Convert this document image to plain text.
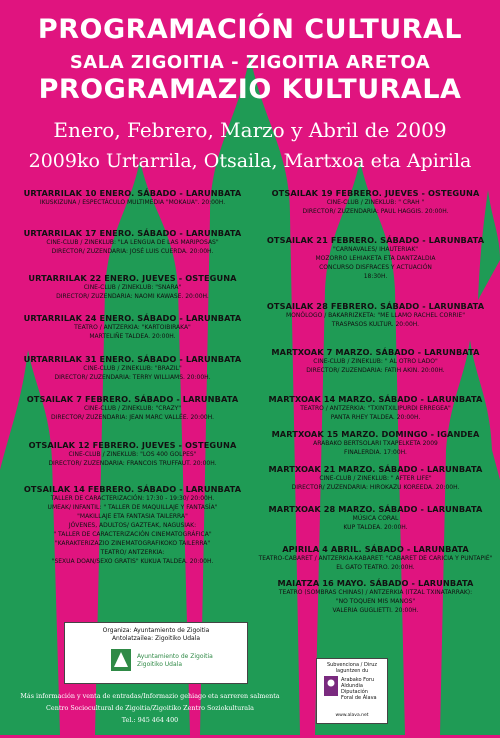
PROGRAMACIÓN CULTURAL
SALA ZIGOITIA - ZIGOITIA ARETOA
PROGRAMAZIO KULTURALA
Enero, Febrero, Marzo y Abril de 2009
2009ko Urtarrila, Otsaila, Martxoa eta Apirila
URTARRILAK 10 ENERO. SÁBADO - LARUNBATA
IKUSKIZUNA / ESPECTÁCULO MULTIMEDIA "MOKAUA". 20:00H.
URTARRILAK 17 ENERO. SÁBADO - LARUNBATA
CINE-CLUB / ZINEKLUB: "LA LENGUA DE LAS MARIPOSAS"
DIRECTOR/ ZUZENDARIA: JOSÉ LUIS CUERDA. 20:00H.
URTARRILAK 22 ENERO. JUEVES - OSTEGUNA
CINE-CLUB / ZINEKLUB: "SNARA"
DIRECTOR/ ZUZENDARIA: NAOMI KAWASE. 20:00H.
URTARRILAK 24 ENERO. SÁBADO - LARUNBATA
TEATRO / ANTZERKIA: "KARTOIBIRAKA"
MARTELIÑE TALDEA. 20:00H.
URTARRILAK 31 ENERO. SÁBADO - LARUNBATA
CINE-CLUB / ZINEKLUB: "BRAZIL"
DIRECTOR/ ZUZENDARIA: TERRY WILLIAMS. 20:00H.
OTSAILAK 7 FEBRERO. SÁBADO - LARUNBATA
CINE-CLUB / ZINEKLUB: "CRAZY"
DIRECTOR/ ZUZENDARIA: JEAN MARC VALLÉE. 20:00H.
OTSAILAK 12 FEBRERO. JUEVES - OSTEGUNA
CINE-CLUB / ZINEKLUB: "LOS 400 GOLPES"
DIRECTOR/ ZUZENDARIA: FRANCOIS TRUFFAUT. 20:00H.
OTSAILAK 14 FEBRERO. SÁBADO - LARUNBATA
TALLER DE CARACTERIZACIÓN: 17:30 - 19:30/ 20:00H.
UMEAK/ INFANTIL: " TALLER DE MAQUILLAJE Y FANTASÍA"
"MAKILLAJE ETA FANTASIA TAILERRA"
JÓVENES, ADULTOS/ GAZTEAK, NAGUSIAK:
" TALLER DE CARACTERIZACIÓN CINEMATOGRÁFICA"
"KARAKTERIZAZIO ZINEMATOGRAFIKOKO TAILERRA"
TEATRO/ ANTZERKIA:
"SEXUA DOAN/SEXO GRATIS" KUKUA TALDEA. 20:00H.
OTSAILAK 19 FEBRERO. JUEVES - OSTEGUNA
CINE-CLUB / ZINEKLUB: " CRAH "
DIRECTOR/ ZUZENDARIA: PAUL HAGGIS. 20:00H.
OTSAILAK 21 FEBRERO. SÁBADO - LARUNBATA
"CARNAVALES/ IHAUTERIAK"
MOZORRO LEHIAKETA ETA DANTZALDIA
CONCURSO DISFRACES Y ACTUACIÓN
18:30H.
OTSAILAK 28 FEBRERO. SÁBADO - LARUNBATA
MONÓLOGO / BAKARRIZKETA: "ME LLAMO RACHEL CORRIE"
TRASPASOS KULTUR. 20:00H.
MARTXOAK 7 MARZO. SÁBADO - LARUNBATA
CINE-CLUB / ZINEKLUB: " AL OTRO LADO"
DIRECTOR/ ZUZENDARIA: FATIH AKIN. 20:00H.
MARTXOAK 14 MARZO. SÁBADO - LARUNBATA
TEATRO / ANTZERKIA: "TXINTXILIPURDI ERREGEA"
PANTA RHEY TALDEA. 20:00H.
MARTXOAK 15 MARZO. DOMINGO - IGANDEA
ARABAKO BERTSOLARI TXAPELKETA 2009
FINALERDIA. 17:00H.
MARTXOAK 21 MARZO. SÁBADO - LARUNBATA
CINE-CLUB / ZINEKLUB: " AFTER LIFE"
DIRECTOR/ ZUZENDARIA: HIROKAZU KOREEDA. 20:00H.
MARTXOAK 28 MARZO. SÁBADO - LARUNBATA
MÚSICA CORAL
KUP TALDEA. 20:00H.
APIRILA 4 ABRIL. SÁBADO - LARUNBATA
TEATRO-CABARET / ANTZERKIA-KABARET: "CABARET DE CARICIA Y PUNTAPIÉ"
EL GATO TEATRO. 20:00H.
MAIATZA 16 MAYO. SÁBADO - LARUNBATA
TEATRO (SOMBRAS CHINAS) / ANTZERKIA (ITZAL TXINATARRAK):
"NO TOQUEN MIS MANOS"
VALERIA GUGLIETTI. 20:00H.
Organiza: Ayuntamiento de Zigoitia
Antolatzailea: Zigoitiko Udala
Ayuntamiento de Zigoitia
Zigoitiko Udala	Subvenciona / Diruz laguntzen du
Arabako Foru
Aldundia
Diputación
Foral de Álava
www.alava.net
Más información y venta de entradas/Informazio gehiago eta sarreren salmenta
Centro Sociocultural de Zigoitia/Zigoitiko Zentro Soziokulturala
Tel.: 945 464 400
